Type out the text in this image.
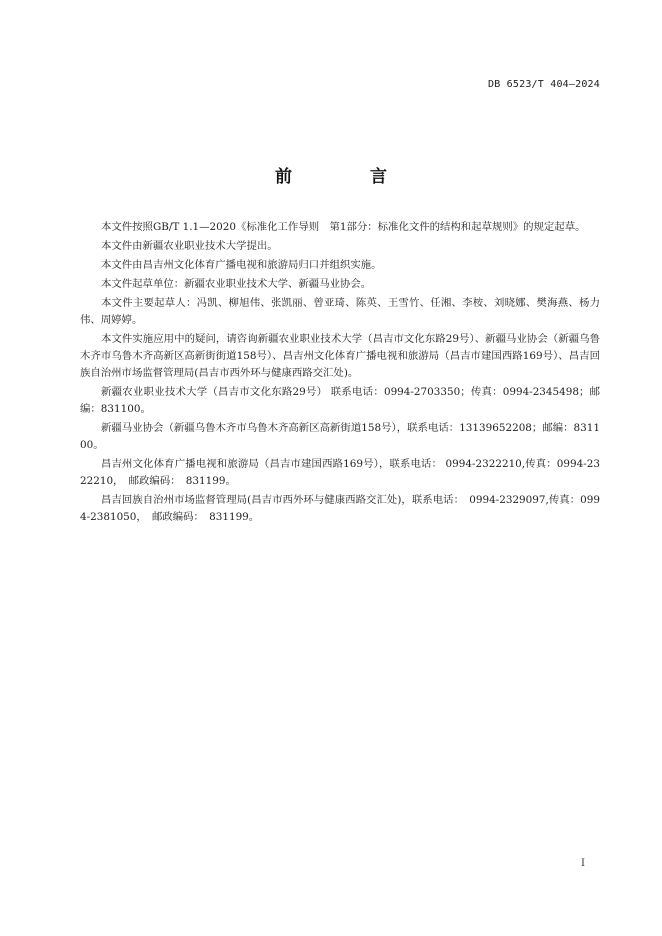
DB 6523/T 404—2024
前 言

本文件按照GB/T 1.1—2020《标准化工作导则　第1部分：标准化文件的结构和起草规则》的规定起草。

本文件由新疆农业职业技术大学提出。

本文件由昌吉州文化体育广播电视和旅游局归口并组织实施。

本文件起草单位：新疆农业职业技术大学、新疆马业协会。

本文件主要起草人：冯凯、柳旭伟、张凯丽、曾亚琦、陈英、王雪竹、任湘、李桉、刘晓娜、樊海燕、杨力伟、周婷婷。

本文件实施应用中的疑问，请咨询新疆农业职业技术大学（昌吉市文化东路29号）、新疆马业协会（新疆乌鲁木齐市乌鲁木齐高新区高新街街道158号）、昌吉州文化体育广播电视和旅游局（昌吉市建国西路169号）、昌吉回族自治州市场监督管理局(昌吉市西外环与健康西路交汇处)。

新疆农业职业技术大学（昌吉市文化东路29号） 联系电话：0994-2703350；传真：0994-2345498；邮编：831100。

新疆马业协会（新疆乌鲁木齐市乌鲁木齐高新区高新街道158号），联系电话：13139652208；邮编：831100。

昌吉州文化体育广播电视和旅游局（昌吉市建国西路169号），联系电话： 0994-2322210,传真：0994-2322210，　邮政编码：　831199。

昌吉回族自治州市场监督管理局(昌吉市西外环与健康西路交汇处)，联系电话：　0994-2329097,传真：0994-2381050，　邮政编码：　831199。

I
